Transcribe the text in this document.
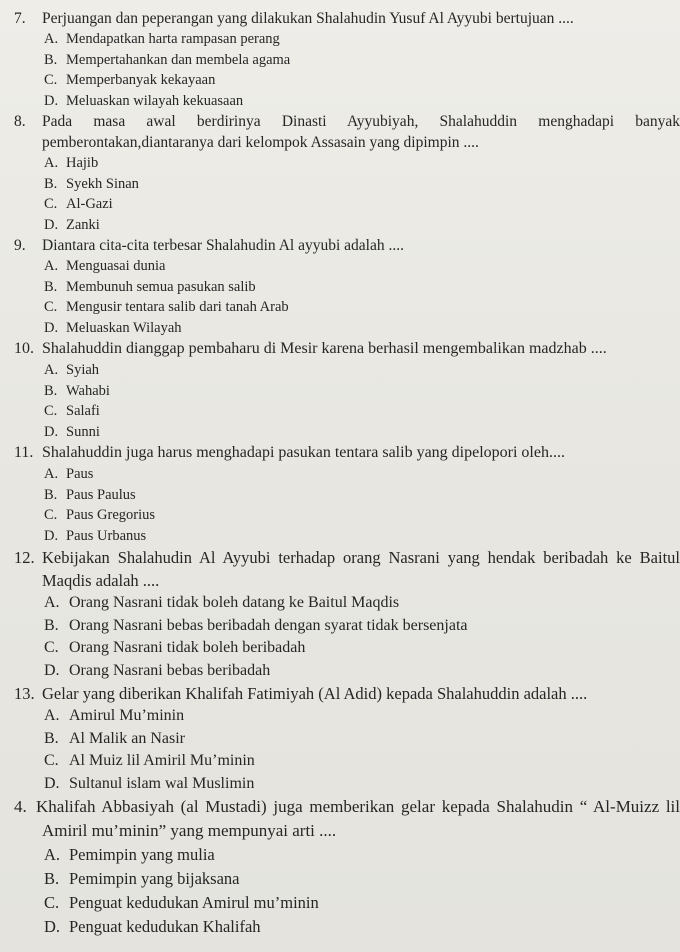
7. Perjuangan dan peperangan yang dilakukan Shalahudin Yusuf Al Ayyubi bertujuan ....
A. Mendapatkan harta rampasan perang
B. Mempertahankan dan membela agama
C. Memperbanyak kekayaan
D. Meluaskan wilayah kekuasaan
8. Pada masa awal berdirinya Dinasti Ayyubiyah, Shalahuddin menghadapi banyak pemberontakan,diantaranya dari kelompok Assasain yang dipimpin ....
A. Hajib
B. Syekh Sinan
C. Al-Gazi
D. Zanki
9. Diantara cita-cita terbesar Shalahudin Al ayyubi adalah ....
A. Menguasai dunia
B. Membunuh semua pasukan salib
C. Mengusir tentara salib dari tanah Arab
D. Meluaskan Wilayah
10. Shalahuddin dianggap pembaharu di Mesir karena berhasil mengembalikan madzhab ....
A. Syiah
B. Wahabi
C. Salafi
D. Sunni
11. Shalahuddin juga harus menghadapi pasukan tentara salib yang dipelopori oleh....
A. Paus
B. Paus Paulus
C. Paus Gregorius
D. Paus Urbanus
12. Kebijakan Shalahudin Al Ayyubi terhadap orang Nasrani yang hendak beribadah ke Baitul Maqdis adalah ....
A. Orang Nasrani tidak boleh datang ke Baitul Maqdis
B. Orang Nasrani bebas beribadah dengan syarat tidak bersenjata
C. Orang Nasrani tidak boleh beribadah
D. Orang Nasrani bebas beribadah
13. Gelar yang diberikan Khalifah Fatimiyah (Al Adid) kepada Shalahuddin adalah ....
A. Amirul Mu’minin
B. Al Malik an Nasir
C. Al Muiz lil Amiril Mu’minin
D. Sultanul islam wal Muslimin
4. Khalifah Abbasiyah (al Mustadi) juga memberikan gelar kepada Shalahudin “ Al-Muizz lil Amiril mu’minin” yang mempunyai arti ....
A. Pemimpin yang mulia
B. Pemimpin yang bijaksana
C. Penguat kedudukan Amirul mu’minin
D. Penguat kedudukan Khalifah
